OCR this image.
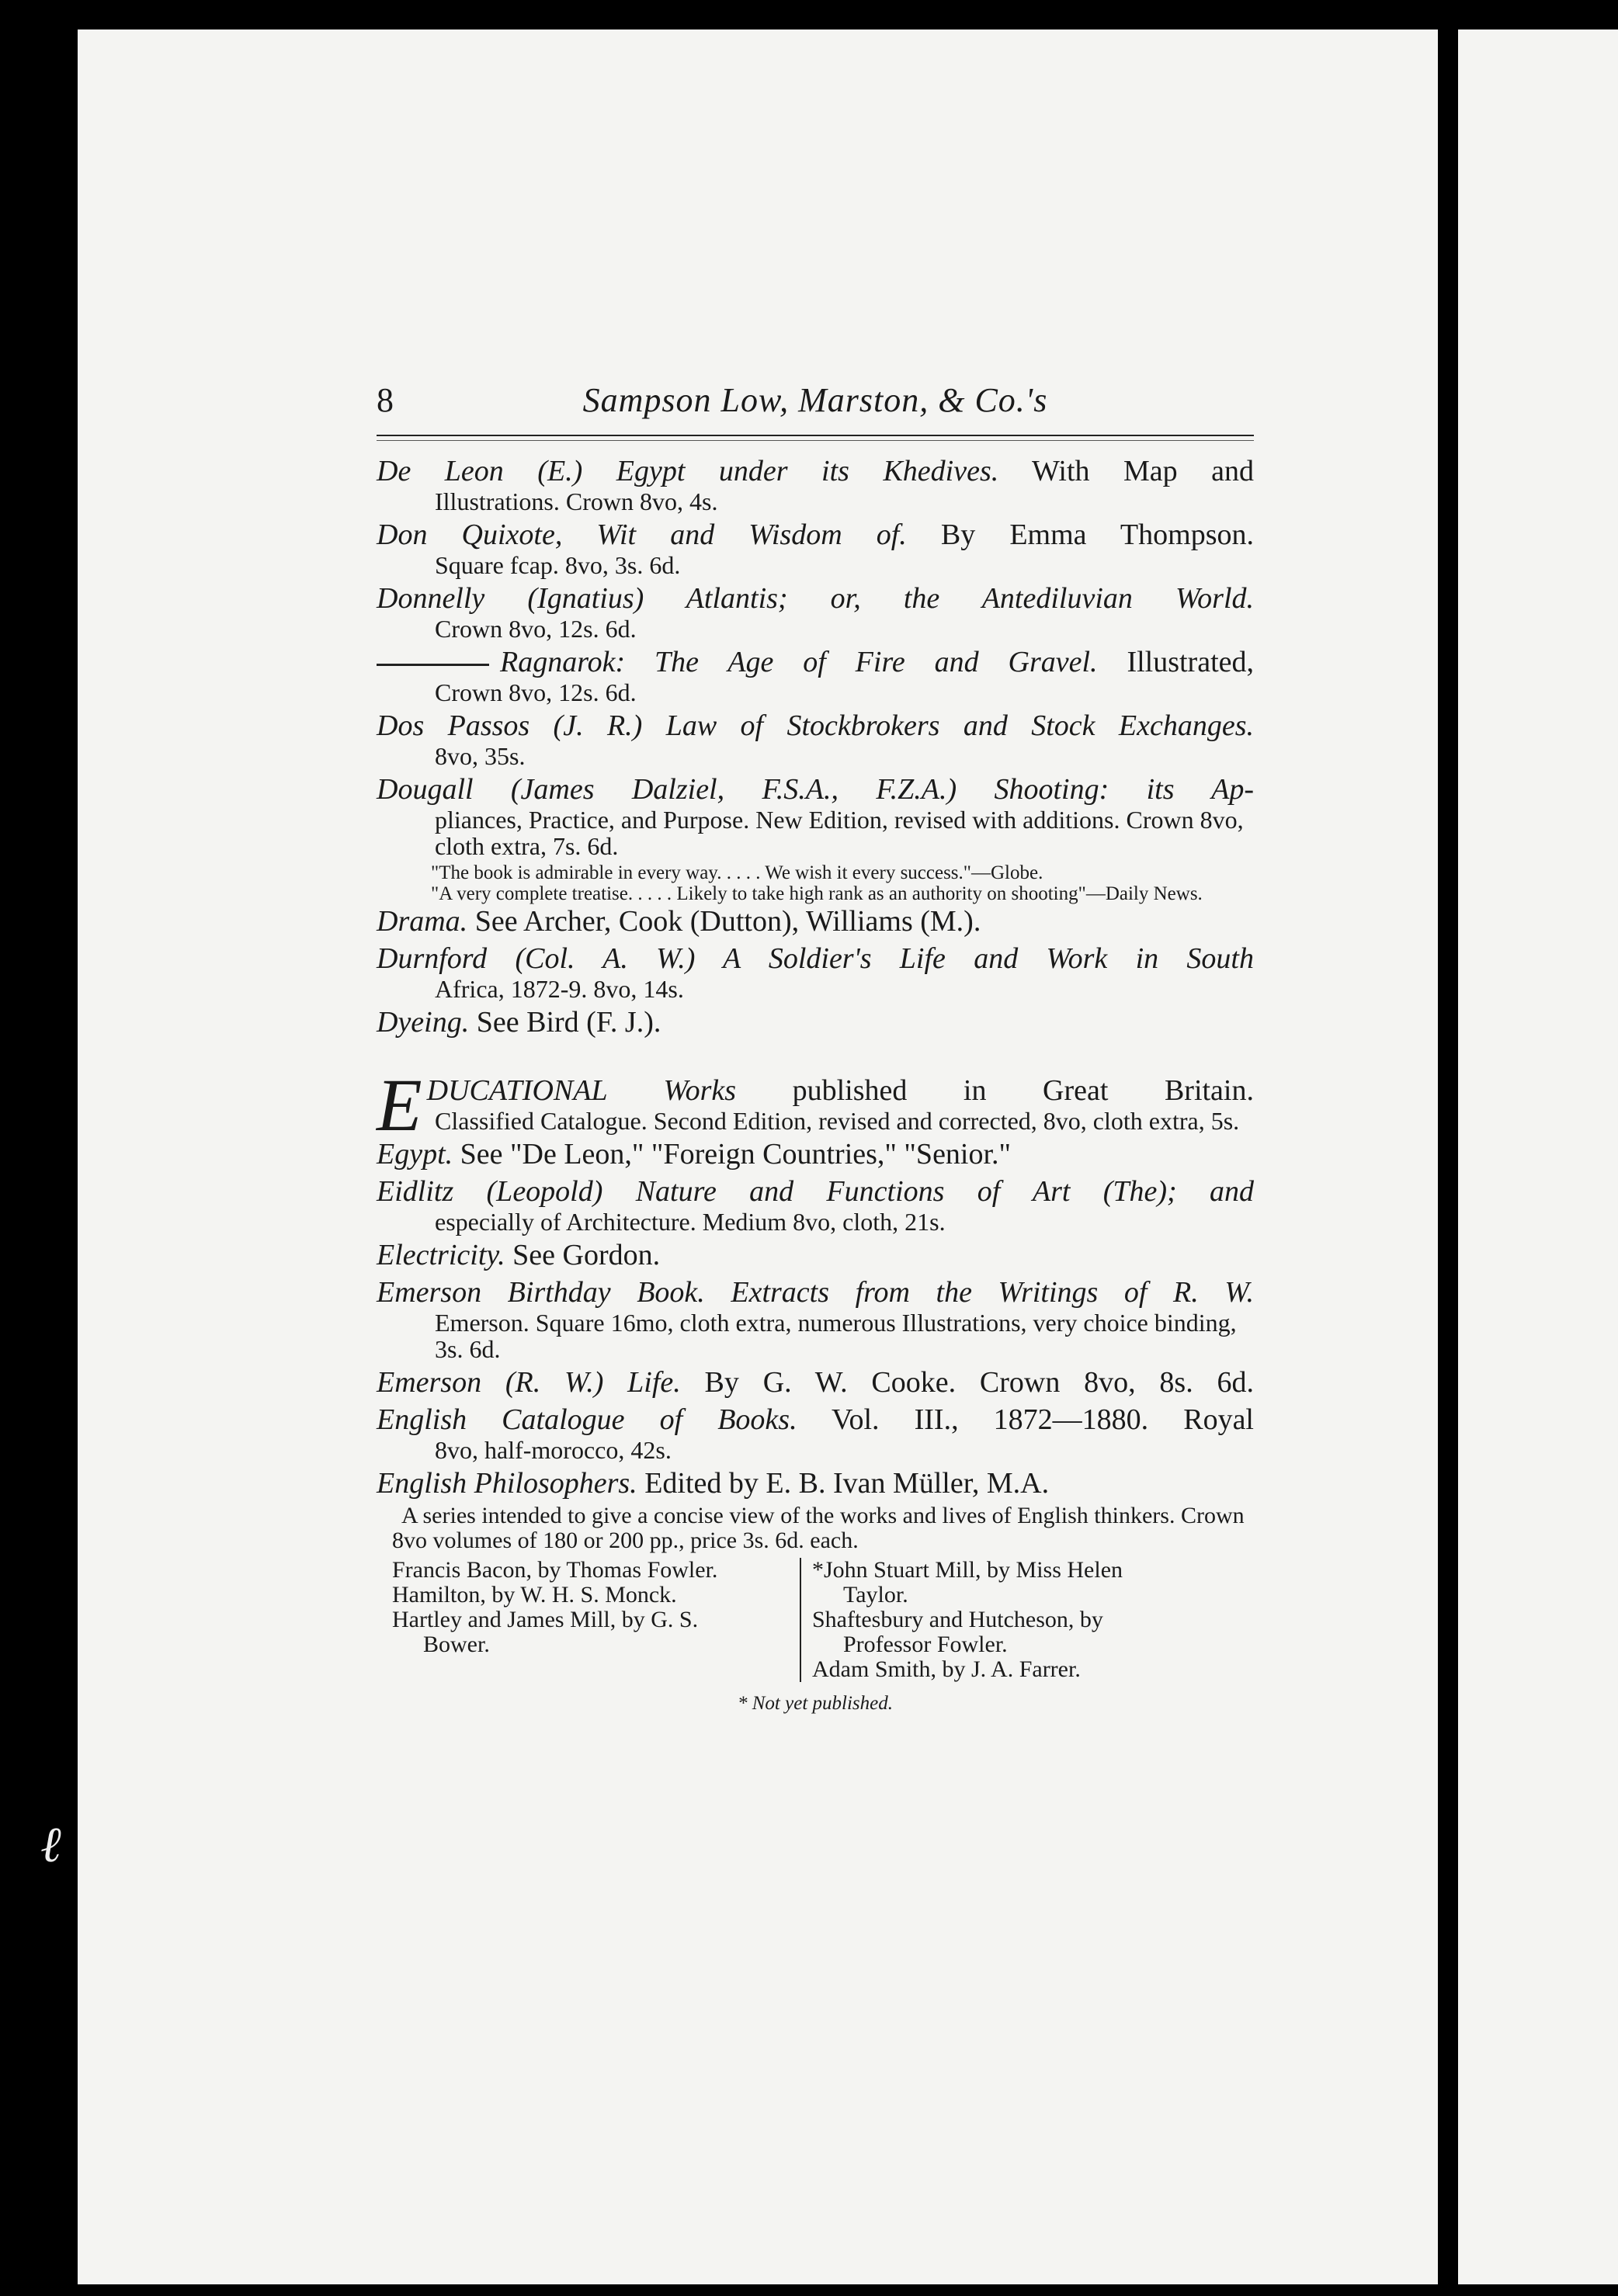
ℓ
8	Sampson Low, Marston, & Co.'s
De Leon (E.) Egypt under its Khedives. With Map and
Illustrations. Crown 8vo, 4s.
Don Quixote, Wit and Wisdom of. By Emma Thompson.
Square fcap. 8vo, 3s. 6d.
Donnelly (Ignatius) Atlantis; or, the Antediluvian World.
Crown 8vo, 12s. 6d.
Ragnarok: The Age of Fire and Gravel. Illustrated,
Crown 8vo, 12s. 6d.
Dos Passos (J. R.) Law of Stockbrokers and Stock Exchanges.
8vo, 35s.
Dougall (James Dalziel, F.S.A., F.Z.A.) Shooting: its Ap-
pliances, Practice, and Purpose. New Edition, revised with additions. Crown 8vo, cloth extra, 7s. 6d.
"The book is admirable in every way. . . . . We wish it every success."—Globe.
"A very complete treatise. . . . . Likely to take high rank as an authority on shooting"—Daily News.
Drama. See Archer, Cook (Dutton), Williams (M.).
Durnford (Col. A. W.) A Soldier's Life and Work in South
Africa, 1872-9. 8vo, 14s.
Dyeing. See Bird (F. J.).
E DUCATIONAL Works published in Great Britain.
Classified Catalogue. Second Edition, revised and corrected, 8vo, cloth extra, 5s.
Egypt. See "De Leon," "Foreign Countries," "Senior."
Eidlitz (Leopold) Nature and Functions of Art (The); and
especially of Architecture. Medium 8vo, cloth, 21s.
Electricity. See Gordon.
Emerson Birthday Book. Extracts from the Writings of R. W.
Emerson. Square 16mo, cloth extra, numerous Illustrations, very choice binding, 3s. 6d.
Emerson (R. W.) Life. By G. W. Cooke. Crown 8vo, 8s. 6d.
English Catalogue of Books. Vol. III., 1872—1880. Royal
8vo, half-morocco, 42s.
English Philosophers. Edited by E. B. Ivan Müller, M.A.
A series intended to give a concise view of the works and lives of English thinkers. Crown 8vo volumes of 180 or 200 pp., price 3s. 6d. each.
Francis Bacon, by Thomas Fowler.
Hamilton, by W. H. S. Monck.
Hartley and James Mill, by G. S.
Bower.
*John Stuart Mill, by Miss Helen
Taylor.
Shaftesbury and Hutcheson, by
Professor Fowler.
Adam Smith, by J. A. Farrer.
* Not yet published.
